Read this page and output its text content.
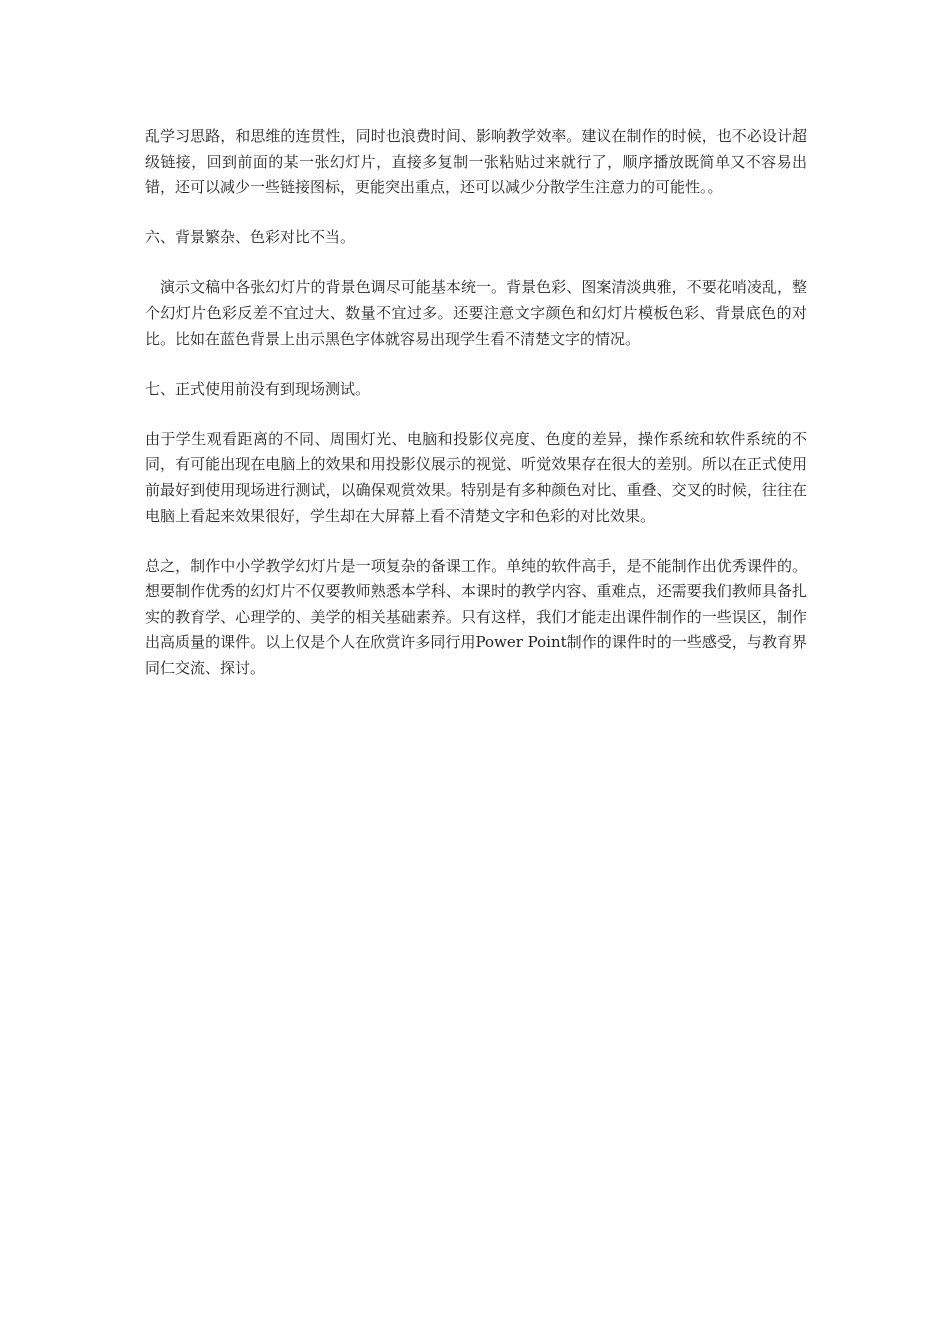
乱学习思路，和思维的连贯性，同时也浪费时间、影响教学效率。建议在制作的时候，也不必设计超级链接，回到前面的某一张幻灯片，直接多复制一张粘贴过来就行了，顺序播放既简单又不容易出错，还可以减少一些链接图标，更能突出重点，还可以减少分散学生注意力的可能性。。

六、背景繁杂、色彩对比不当。

演示文稿中各张幻灯片的背景色调尽可能基本统一。背景色彩、图案清淡典雅，不要花哨凌乱，整个幻灯片色彩反差不宜过大、数量不宜过多。还要注意文字颜色和幻灯片模板色彩、背景底色的对比。比如在蓝色背景上出示黑色字体就容易出现学生看不清楚文字的情况。

七、正式使用前没有到现场测试。

由于学生观看距离的不同、周围灯光、电脑和投影仪亮度、色度的差异，操作系统和软件系统的不同，有可能出现在电脑上的效果和用投影仪展示的视觉、听觉效果存在很大的差别。所以在正式使用前最好到使用现场进行测试，以确保观赏效果。特别是有多种颜色对比、重叠、交叉的时候，往往在电脑上看起来效果很好，学生却在大屏幕上看不清楚文字和色彩的对比效果。

总之，制作中小学教学幻灯片是一项复杂的备课工作。单纯的软件高手，是不能制作出优秀课件的。想要制作优秀的幻灯片不仅要教师熟悉本学科、本课时的教学内容、重难点，还需要我们教师具备扎实的教育学、心理学的、美学的相关基础素养。只有这样，我们才能走出课件制作的一些误区，制作出高质量的课件。以上仅是个人在欣赏许多同行用Power Point制作的课件时的一些感受，与教育界同仁交流、探讨。
